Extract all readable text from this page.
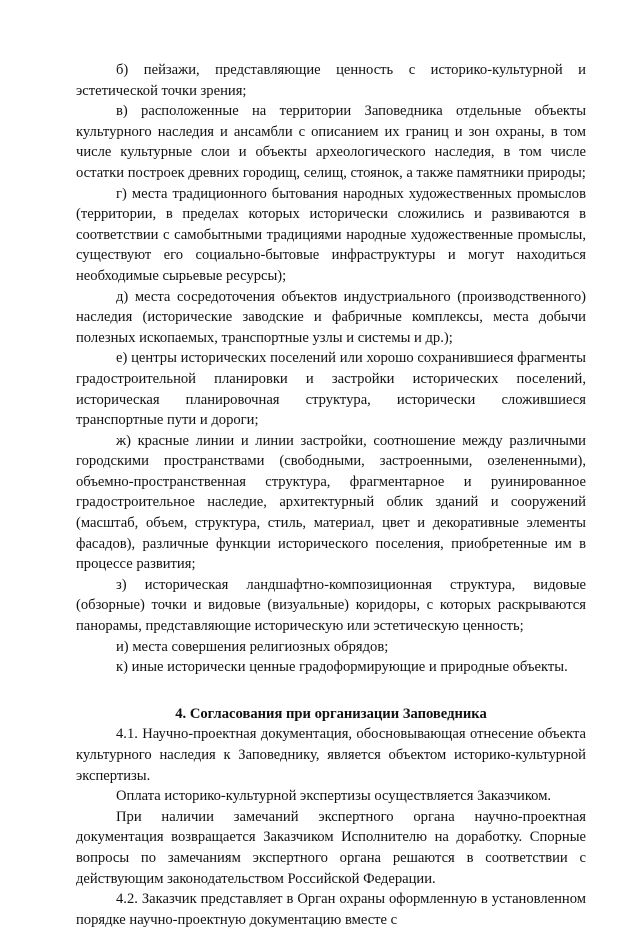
б) пейзажи, представляющие ценность с историко-культурной и эстетической точки зрения;

в) расположенные на территории Заповедника отдельные объекты культурного наследия и ансамбли с описанием их границ и зон охраны, в том числе культурные слои и объекты археологического наследия, в том числе остатки построек древних городищ, селищ, стоянок, а также памятники природы;

г) места традиционного бытования народных художественных промыслов (территории, в пределах которых исторически сложились и развиваются в соответствии с самобытными традициями народные художественные промыслы, существуют его социально-бытовые инфраструктуры и могут находиться необходимые сырьевые ресурсы);

д) места сосредоточения объектов индустриального (производственного) наследия (исторические заводские и фабричные комплексы, места добычи полезных ископаемых, транспортные узлы и системы и др.);

е) центры исторических поселений или хорошо сохранившиеся фрагменты градостроительной планировки и застройки исторических поселений, историческая планировочная структура, исторически сложившиеся транспортные пути и дороги;

ж) красные линии и линии застройки, соотношение между различными городскими пространствами (свободными, застроенными, озелененными), объемно-пространственная структура, фрагментарное и руинированное градостроительное наследие, архитектурный облик зданий и сооружений (масштаб, объем, структура, стиль, материал, цвет и декоративные элементы фасадов), различные функции исторического поселения, приобретенные им в процессе развития;

з) историческая ландшафтно-композиционная структура, видовые (обзорные) точки и видовые (визуальные) коридоры, с которых раскрываются панорамы, представляющие историческую или эстетическую ценность;

и) места совершения религиозных обрядов;

к) иные исторически ценные градоформирующие и природные объекты.

4. Согласования при организации Заповедника

4.1. Научно-проектная документация, обосновывающая отнесение объекта культурного наследия к Заповеднику, является объектом историко-культурной экспертизы.

Оплата историко-культурной экспертизы осуществляется Заказчиком.

При наличии замечаний экспертного органа научно-проектная документация возвращается Заказчиком Исполнителю на доработку. Спорные вопросы по замечаниям экспертного органа решаются в соответствии с действующим законодательством Российской Федерации.

4.2. Заказчик представляет в Орган охраны оформленную в установленном порядке научно-проектную документацию вместе с
